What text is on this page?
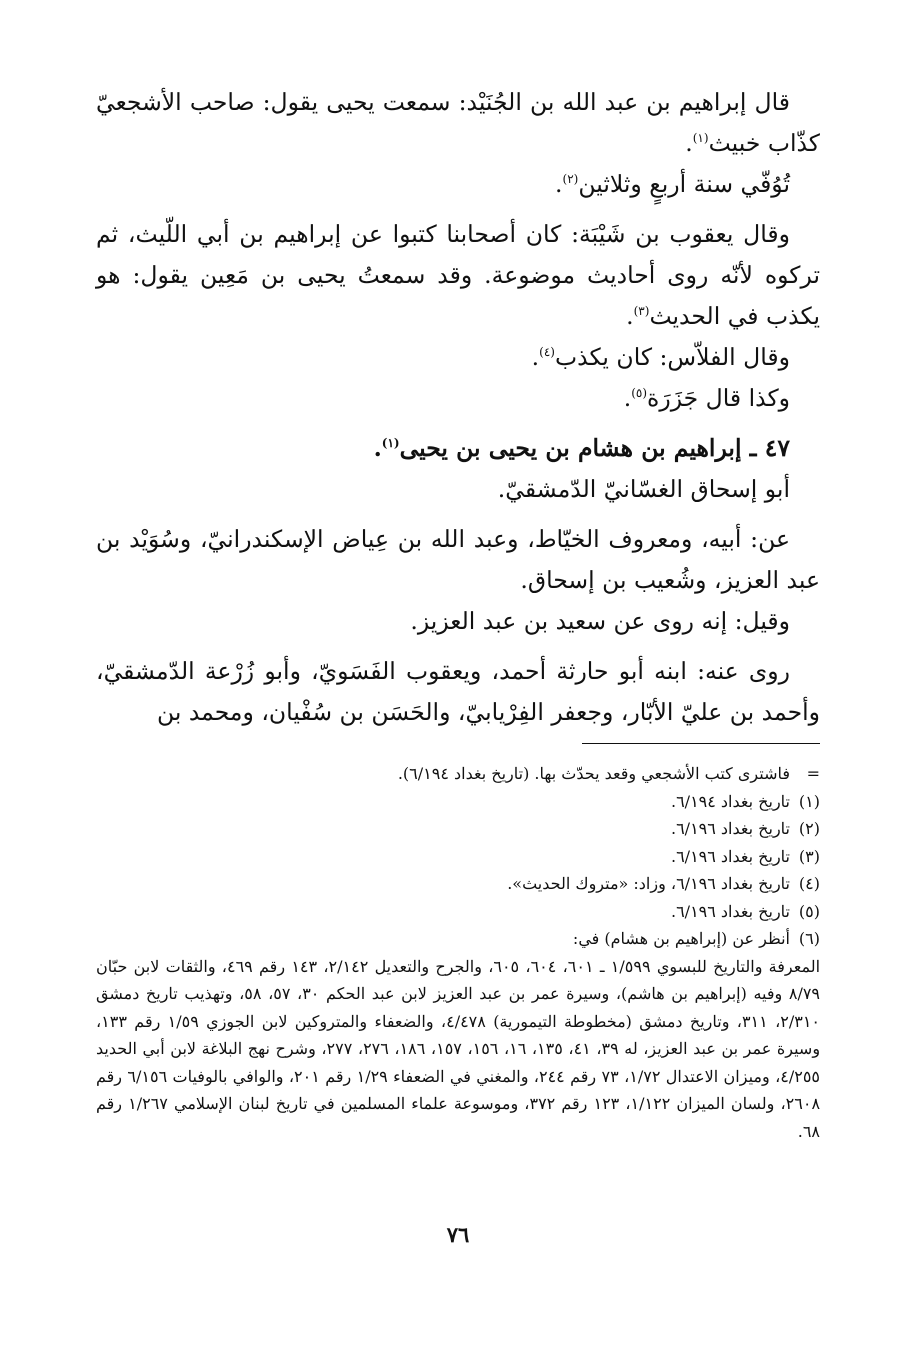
قال إبراهيم بن عبد الله بن الجُنَيْد: سمعت يحيى يقول: صاحب الأشجعيّ كذّاب خبيث$^{(١)}$.

تُوُفّي سنة أربعٍ وثلاثين$^{(٢)}$.

وقال يعقوب بن شَيْبَة: كان أصحابنا كتبوا عن إبراهيم بن أبي اللّيث، ثم تركوه لأنّه روى أحاديث موضوعة. وقد سمعتُ يحيى بن مَعِين يقول: هو يكذب في الحديث$^{(٣)}$.

وقال الفلاّس: كان يكذب$^{(٤)}$.

وكذا قال جَزَرَة$^{(٥)}$.

٤٧ ـ إبراهيم بن هشام بن يحيى بن يحيى$^{(١)}$.

أبو إسحاق الغسّانيّ الدّمشقيّ.

عن: أبيه، ومعروف الخيّاط، وعبد الله بن عِياض الإسكندرانيّ، وسُوَيْد بن عبد العزيز، وشُعيب بن إسحاق.

وقيل: إنه روى عن سعيد بن عبد العزيز.

روى عنه: ابنه أبو حارثة أحمد، ويعقوب الفَسَويّ، وأبو زُرْعة الدّمشقيّ، وأحمد بن عليّ الأبّار، وجعفر الفِرْيابيّ، والحَسَن بن سُفْيان، ومحمد بن

=
فاشترى كتب الأشجعي وقعد يحدّث بها. (تاريخ بغداد ٦/١٩٤).
(١)
تاريخ بغداد ٦/١٩٤.
(٢)
تاريخ بغداد ٦/١٩٦.
(٣)
تاريخ بغداد ٦/١٩٦.
(٤)
تاريخ بغداد ٦/١٩٦، وزاد: «متروك الحديث».
(٥)
تاريخ بغداد ٦/١٩٦.
(٦)
أنظر عن (إبراهيم بن هشام) في:
المعرفة والتاريخ للبسوي ١/٥٩٩ ـ ٦٠١، ٦٠٤، ٦٠٥، والجرح والتعديل ٢/١٤٢، ١٤٣ رقم ٤٦٩، والثقات لابن حبّان ٨/٧٩ وفيه (إبراهيم بن هاشم)، وسيرة عمر بن عبد العزيز لابن عبد الحكم ٣٠، ٥٧، ٥٨، وتهذيب تاريخ دمشق ٢/٣١٠، ٣١١، وتاريخ دمشق (مخطوطة التيمورية) ٤/٤٧٨، والضعفاء والمتروكين لابن الجوزي ١/٥٩ رقم ١٣٣، وسيرة عمر بن عبد العزيز، له ٣٩، ٤١، ١٣٥، ١٦، ١٥٦، ١٥٧، ١٨٦، ٢٧٦، ٢٧٧، وشرح نهج البلاغة لابن أبي الحديد ٤/٢٥٥، وميزان الاعتدال ١/٧٢، ٧٣ رقم ٢٤٤، والمغني في الضعفاء ١/٢٩ رقم ٢٠١، والوافي بالوفيات ٦/١٥٦ رقم ٢٦٠٨، ولسان الميزان ١/١٢٢، ١٢٣ رقم ٣٧٢، وموسوعة علماء المسلمين في تاريخ لبنان الإسلامي ١/٢٦٧ رقم ٦٨.
٧٦
